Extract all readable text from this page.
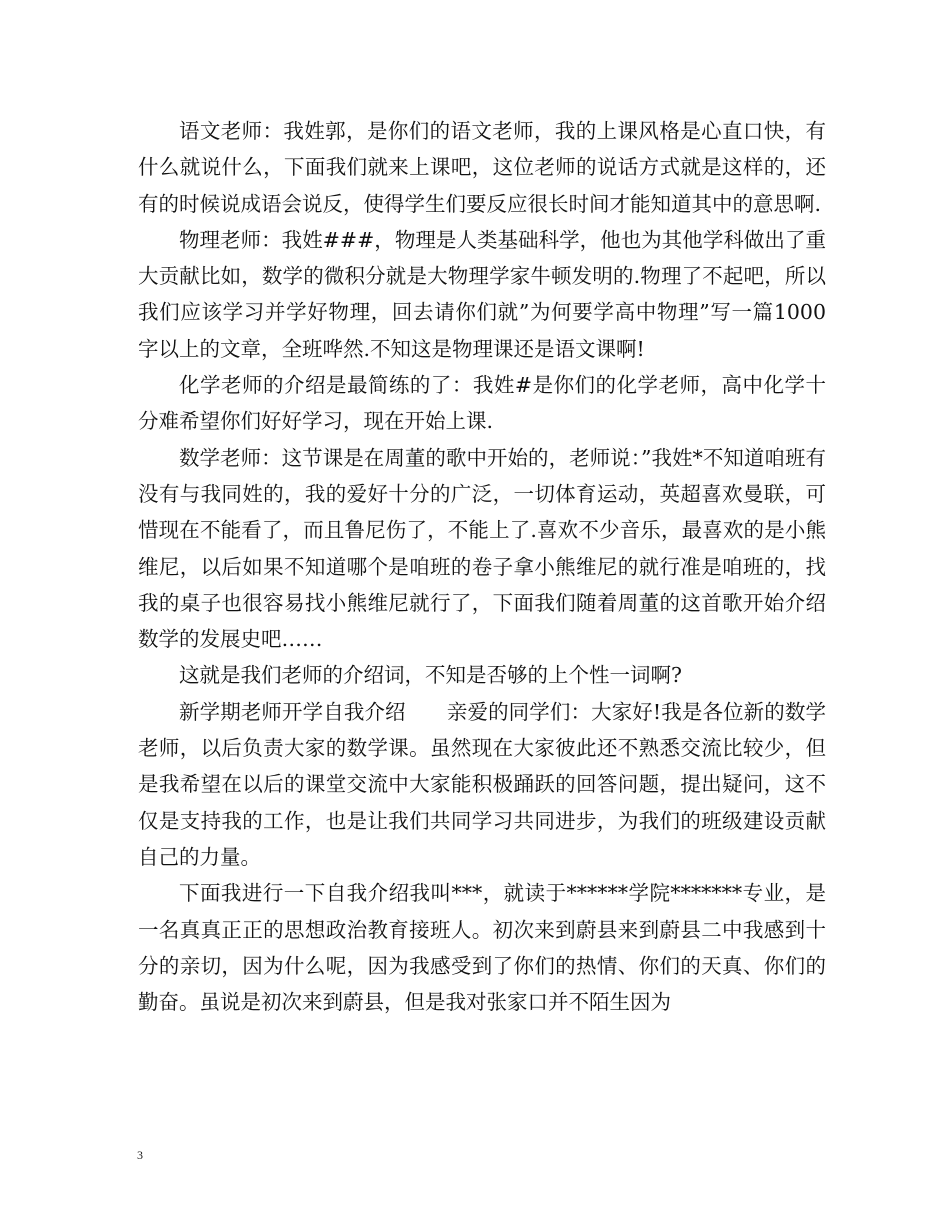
语文老师：我姓郭，是你们的语文老师，我的上课风格是心直口快，有什么就说什么，下面我们就来上课吧，这位老师的说话方式就是这样的，还有的时候说成语会说反，使得学生们要反应很长时间才能知道其中的意思啊.

物理老师：我姓###，物理是人类基础科学，他也为其他学科做出了重大贡献比如，数学的微积分就是大物理学家牛顿发明的.物理了不起吧，所以我们应该学习并学好物理，回去请你们就”为何要学高中物理”写一篇1000字以上的文章，全班哗然.不知这是物理课还是语文课啊!

化学老师的介绍是最简练的了：我姓#是你们的化学老师，高中化学十分难希望你们好好学习，现在开始上课.

数学老师：这节课是在周董的歌中开始的，老师说：”我姓*不知道咱班有没有与我同姓的，我的爱好十分的广泛，一切体育运动，英超喜欢曼联，可惜现在不能看了，而且鲁尼伤了，不能上了.喜欢不少音乐，最喜欢的是小熊维尼，以后如果不知道哪个是咱班的卷子拿小熊维尼的就行准是咱班的，找我的桌子也很容易找小熊维尼就行了，下面我们随着周董的这首歌开始介绍数学的发展史吧……

这就是我们老师的介绍词，不知是否够的上个性一词啊?

新学期老师开学自我介绍　　亲爱的同学们：大家好!我是各位新的数学老师，以后负责大家的数学课。虽然现在大家彼此还不熟悉交流比较少，但是我希望在以后的课堂交流中大家能积极踊跃的回答问题，提出疑问，这不仅是支持我的工作，也是让我们共同学习共同进步，为我们的班级建设贡献自己的力量。

下面我进行一下自我介绍我叫***，就读于******学院*******专业，是一名真真正正的思想政治教育接班人。初次来到蔚县来到蔚县二中我感到十分的亲切，因为什么呢，因为我感受到了你们的热情、你们的天真、你们的勤奋。虽说是初次来到蔚县，但是我对张家口并不陌生因为

3
